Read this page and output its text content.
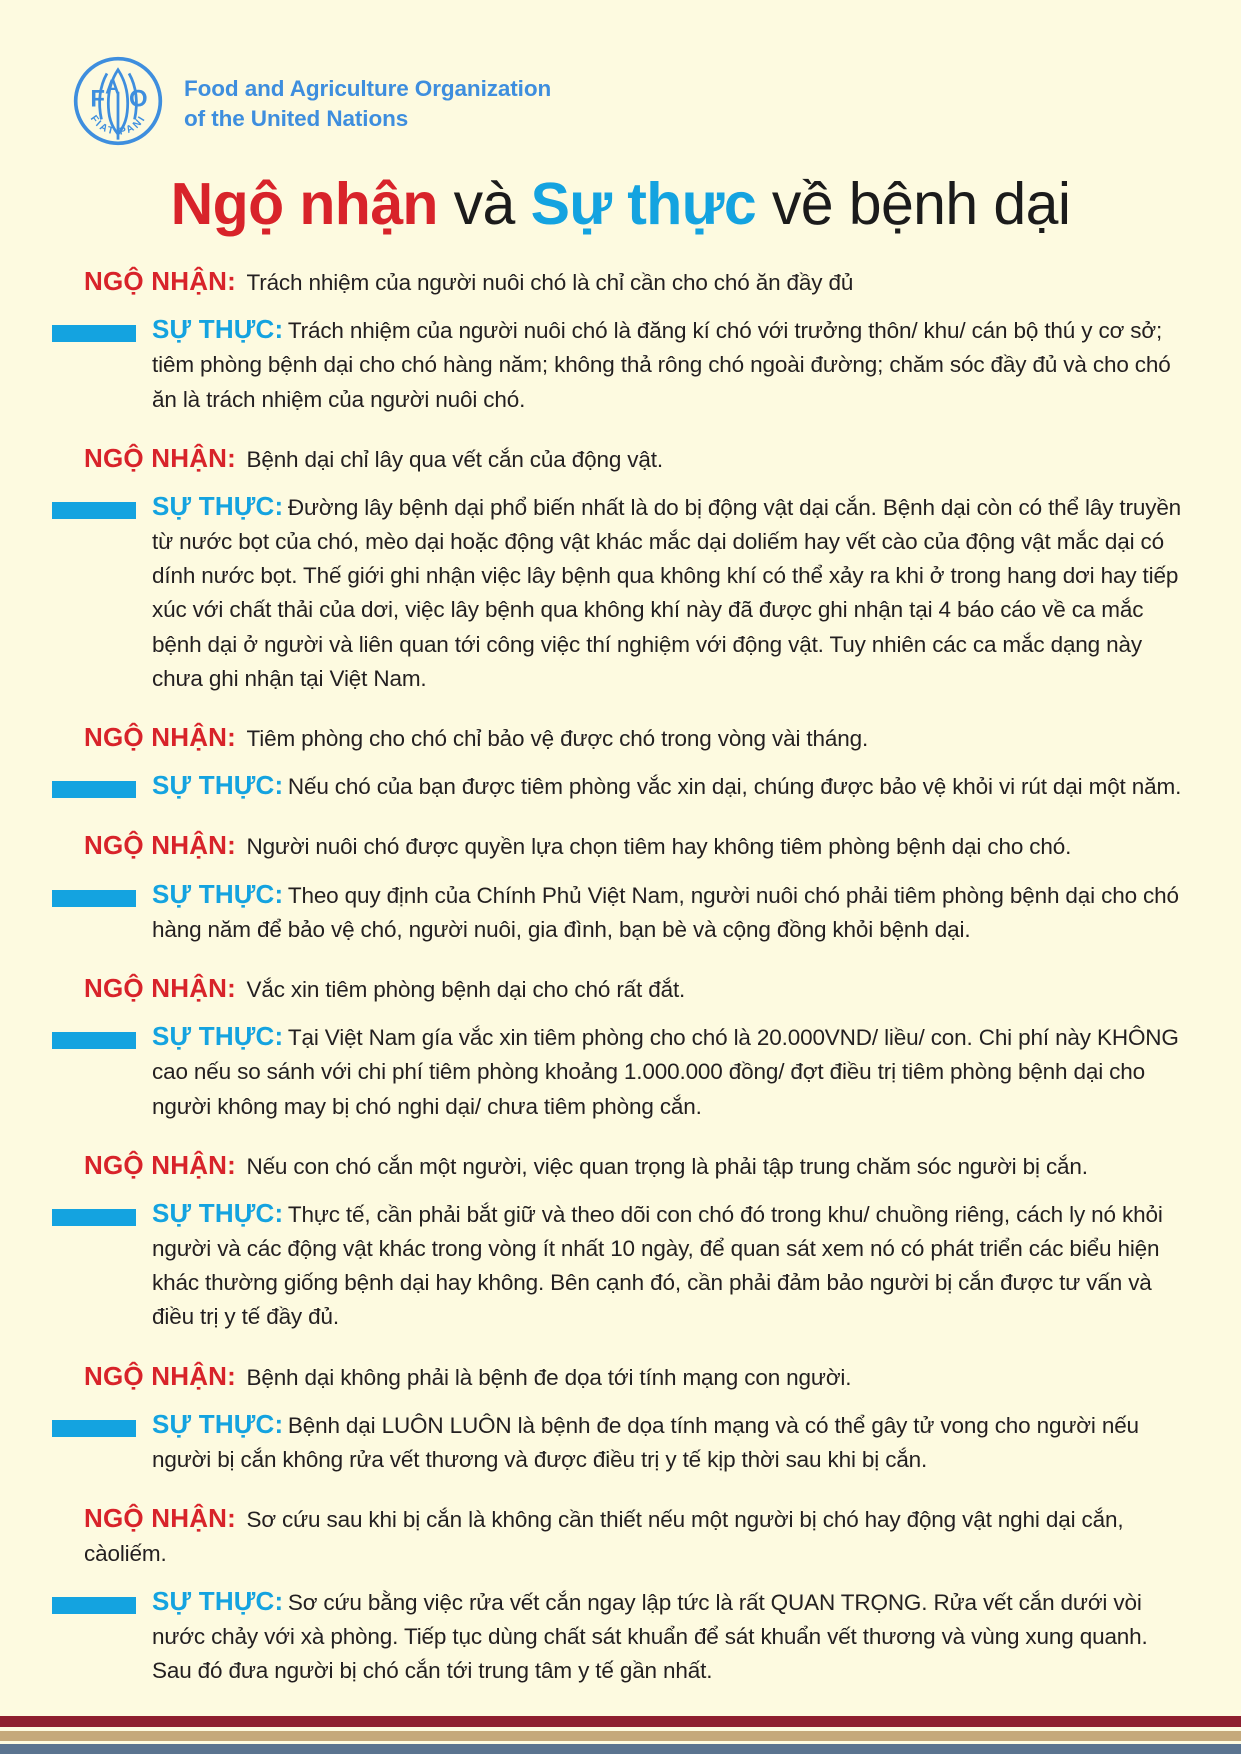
F A O
FIAT PANI
Food and Agriculture Organization
of the United Nations
Ngộ nhận và Sự thực về bệnh dại
NGỘ NHẬN: Trách nhiệm của người nuôi chó là chỉ cần cho chó ăn đầy đủ
SỰ THỰC: Trách nhiệm của người nuôi chó là đăng kí chó với trưởng thôn/ khu/ cán bộ thú y cơ sở; tiêm phòng bệnh dại cho chó hàng năm; không thả rông chó ngoài đường; chăm sóc đầy đủ và cho chó ăn là trách nhiệm của người nuôi chó.
NGỘ NHẬN: Bệnh dại chỉ lây qua vết cắn của động vật.
SỰ THỰC: Đường lây bệnh dại phổ biến nhất là do bị động vật dại cắn. Bệnh dại còn có thể lây truyền từ nước bọt của chó, mèo dại hoặc động vật khác mắc dại doliếm hay vết cào của động vật mắc dại có dính nước bọt. Thế giới ghi nhận việc lây bệnh qua không khí có thể xảy ra khi ở trong hang dơi hay tiếp xúc với chất thải của dơi, việc lây bệnh qua không khí này đã được ghi nhận tại 4 báo cáo về ca mắc bệnh dại ở người và liên quan tới công việc thí nghiệm với động vật. Tuy nhiên các ca mắc dạng này chưa ghi nhận tại Việt Nam.
NGỘ NHẬN: Tiêm phòng cho chó chỉ bảo vệ được chó trong vòng vài tháng.
SỰ THỰC: Nếu chó của bạn được tiêm phòng vắc xin dại, chúng được bảo vệ khỏi vi rút dại một năm.
NGỘ NHẬN: Người nuôi chó được quyền lựa chọn tiêm hay không tiêm phòng bệnh dại cho chó.
SỰ THỰC: Theo quy định của Chính Phủ Việt Nam, người nuôi chó phải tiêm phòng bệnh dại cho chó hàng năm để bảo vệ chó, người nuôi, gia đình, bạn bè và cộng đồng khỏi bệnh dại.
NGỘ NHẬN: Vắc xin tiêm phòng bệnh dại cho chó rất đắt.
SỰ THỰC: Tại Việt Nam gía vắc xin tiêm phòng cho chó là 20.000VND/ liều/ con. Chi phí này KHÔNG cao nếu so sánh với chi phí tiêm phòng khoảng 1.000.000 đồng/ đợt điều trị tiêm phòng bệnh dại cho người không may bị chó nghi dại/ chưa tiêm phòng cắn.
NGỘ NHẬN: Nếu con chó cắn một người, việc quan trọng là phải tập trung chăm sóc người bị cắn.
SỰ THỰC: Thực tế, cần phải bắt giữ và theo dõi con chó đó trong khu/ chuồng riêng, cách ly nó khỏi người và các động vật khác trong vòng ít nhất 10 ngày, để quan sát xem nó có phát triển các biểu hiện khác thường giống bệnh dại hay không. Bên cạnh đó, cần phải đảm bảo người bị cắn được tư vấn và điều trị y tế đầy đủ.
NGỘ NHẬN: Bệnh dại không phải là bệnh đe dọa tới tính mạng con người.
SỰ THỰC: Bệnh dại LUÔN LUÔN là bệnh đe dọa tính mạng và có thể gây tử vong cho người nếu người bị cắn không rửa vết thương và được điều trị y tế kịp thời sau khi bị cắn.
NGỘ NHẬN: Sơ cứu sau khi bị cắn là không cần thiết nếu một người bị chó hay động vật nghi dại cắn, càoliếm.
SỰ THỰC: Sơ cứu bằng việc rửa vết cắn ngay lập tức là rất QUAN TRỌNG. Rửa vết cắn dưới vòi nước chảy với xà phòng. Tiếp tục dùng chất sát khuẩn để sát khuẩn vết thương và vùng xung quanh. Sau đó đưa người bị chó cắn tới trung tâm y tế gần nhất.
